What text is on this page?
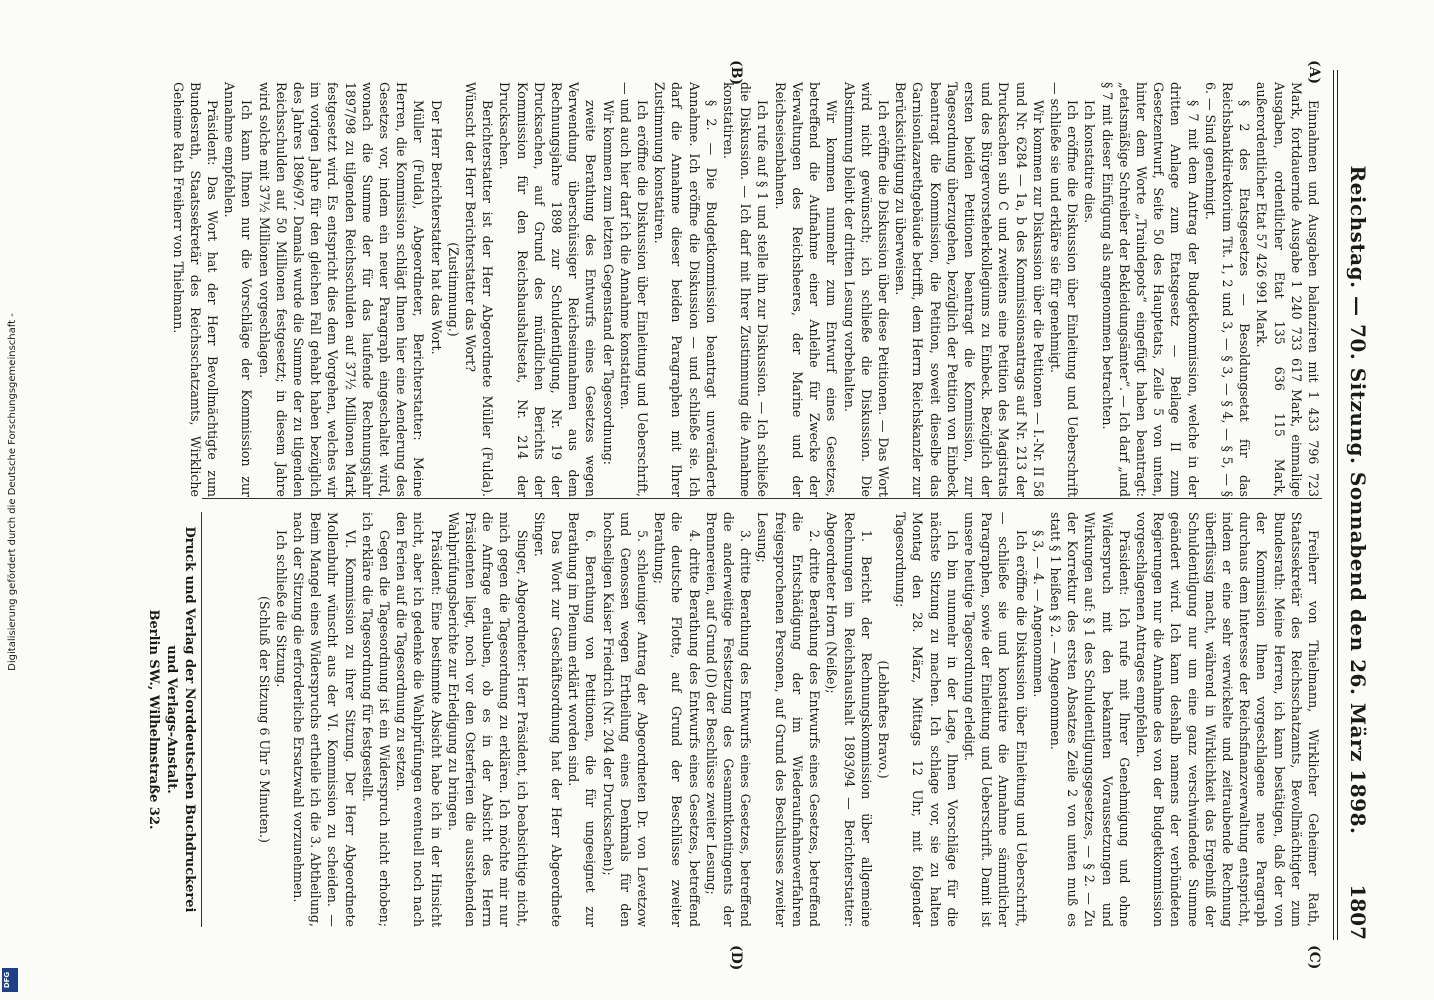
Reichstag. — 70. Sitzung. Sonnabend den 26. März 1898.
1807
(A)
(B)
(C)
(D)

Einnahmen und Ausgaben balanziren mit 1 433 796 723 Mark, fortdauernde Ausgabe 1 240 733 617 Mark, einmalige Ausgaben, ordentlicher Etat 135 636 115 Mark, außerordentlicher Etat 57 426 991 Mark.

§ 2 des Etatsgesetzes — Besoldungsetat für das Reichsbankdirektorium Tit. 1, 2 und 3, — § 3, — § 4, — § 5, — § 6. — Sind genehmigt.

§ 7 mit dem Antrag der Budgetkommission, welche in der dritten Anlage zum Etatsgesetz — Beilage II zum Gesetzentwurf, Seite 50 des Hauptetats, Zeile 5 von unten, hinter dem Worte „Traindepots“ eingefügt haben beantragt: „etatsmäßige Schreiber der Bekleidungsämter“. — Ich darf „und § 7 mit dieser Einfügung als angenommen betrachten.

Ich konstatire dies.

Ich eröffne die Diskussion über Einleitung und Ueberschrift — schließe sie und erkläre sie für genehmigt.

Wir kommen zur Diskussion über die Petitionen — I.-Nr. II 58 und Nr. 6284 — 1a, b des Kommissionsantrags auf Nr. 213 der Drucksachen sub C und zweitens eine Petition des Magistrats und des Bürgervorsteherkollegiums zu Einbeck. Bezüglich der ersten beiden Petitionen beantragt die Kommission, zur Tagesordnung überzugehen, bezüglich der Petition von Einbeck beantragt die Kommission, die Petition, soweit dieselbe das Garnisonlazarethgebäude betrifft, dem Herrn Reichskanzler zur Berücksichtigung zu überweisen.

Ich eröffne die Diskussion über diese Petitionen. — Das Wort wird nicht gewünscht; ich schließe die Diskussion. Die Abstimmung bleibt der dritten Lesung vorbehalten.

Wir kommen nunmehr zum Entwurf eines Gesetzes, betreffend die Aufnahme einer Anleihe für Zwecke der Verwaltungen des Reichsheeres, der Marine und der Reichseisenbahnen.

Ich rufe auf § 1 und stelle ihn zur Diskussion. — Ich schließe die Diskussion. — Ich darf mit Ihrer Zustimmung die Annahme konstatiren.

§ 2. — Die Budgetkommission beantragt unveränderte Annahme. Ich eröffne die Diskussion — und schließe sie. Ich darf die Annahme dieser beiden Paragraphen mit Ihrer Zustimmung konstatiren.

Ich eröffne die Diskussion über Einleitung und Ueberschrift, — und auch hier darf ich die Annahme konstatiren.

Wir kommen zum letzten Gegenstand der Tagesordnung:

zweite Berathung des Entwurfs eines Gesetzes wegen Verwendung überschüssiger Reichseinnahmen aus dem Rechnungsjahre 1898 zur Schuldentilgung, Nr. 19 der Drucksachen, auf Grund des mündlichen Berichts der Kommission für den Reichshaushaltsetat, Nr. 214 der Drucksachen.

Berichterstatter ist der Herr Abgeordnete Müller (Fulda). Wünscht der Herr Berichterstatter das Wort?

(Zustimmung.)

Der Herr Berichterstatter hat das Wort.

Müller (Fulda), Abgeordneter, Berichterstatter: Meine Herren, die Kommission schlägt Ihnen hier eine Aenderung des Gesetzes vor, indem ein neuer Paragraph eingeschaltet wird, wonach die Summe der für das laufende Rechnungsjahr 1897/98 zu tilgenden Reichsschulden auf 37½ Millionen Mark festgesetzt wird. Es entspricht dies dem Vorgehen, welches wir im vorigen Jahre für den gleichen Fall gehabt haben bezüglich des Jahres 1896/97. Damals wurde die Summe der zu tilgenden Reichsschulden auf 50 Millionen festgesetzt; in diesem Jahre wird solche mit 37½ Millionen vorgeschlagen.

Ich kann Ihnen nur die Vorschläge der Kommission zur Annahme empfehlen.

Präsident: Das Wort hat der Herr Bevollmächtigte zum Bundesrath, Staatssekretär des Reichsschatzamts, Wirkliche Geheime Rath Freiherr von Thielmann.

Freiherr von Thielmann, Wirklicher Geheimer Rath, Staatssekretär des Reichsschatzamts, Bevollmächtigter zum Bundesrath: Meine Herren, ich kann bestätigen, daß der von der Kommission Ihnen vorgeschlagene neue Paragraph durchaus dem Interesse der Reichsfinanzverwaltung entspricht, indem er eine sehr verwickelte und zeitraubende Rechnung überflüssig macht, während in Wirklichkeit das Ergebniß der Schuldentilgung nur um eine ganz verschwindende Summe geändert wird. Ich kann deshalb namens der verbündeten Regierungen nur die Annahme des von der Budgetkommission vorgeschlagenen Antrages empfehlen.

Präsident: Ich rufe mit Ihrer Genehmigung und ohne Widerspruch mit den bekannten Voraussetzungen und Wirkungen auf: § 1 des Schuldentilgungsgesetzes, — § 2. — Zu der Korrektur des ersten Absatzes Zeile 2 von unten muß es statt § 1 heißen § 2. — Angenommen.

§ 3, — 4. — Angenommen.

Ich eröffne die Diskussion über Einleitung und Ueberschrift, — schließe sie und konstatire die Annahme sämmtlicher Paragraphen, sowie der Einleitung und Ueberschrift. Damit ist unsere heutige Tagesordnung erledigt.

Ich bin nunmehr in der Lage, Ihnen Vorschläge für die nächste Sitzung zu machen. Ich schlage vor, sie zu halten Montag den 28. März, Mittags 12 Uhr, mit folgender Tagesordnung:

(Lebhaftes Bravo.)

1. Bericht der Rechnungskommission über allgemeine Rechnungen im Reichshaushalt 1893/94 — Berichterstatter: Abgeordneter Horn (Neiße);

2. dritte Berathung des Entwurfs eines Gesetzes, betreffend die Entschädigung der im Wiederaufnahmeverfahren freigesprochenen Personen, auf Grund des Beschlusses zweiter Lesung;

3. dritte Berathung des Entwurfs eines Gesetzes, betreffend die anderweitige Festsetzung des Gesammtkontingents der Brennereien, auf Grund (D) der Beschlüsse zweiter Lesung;

4. dritte Berathung des Entwurfs eines Gesetzes, betreffend die deutsche Flotte, auf Grund der Beschlüsse zweiter Berathung;

5. schleuniger Antrag der Abgeordneten Dr. von Levetzow und Genossen wegen Ertheilung eines Denkmals für den hochseligen Kaiser Friedrich (Nr. 204 der Drucksachen);

6. Berathung von Petitionen, die für ungeeignet zur Berathung im Plenum erklärt worden sind.

Das Wort zur Geschäftsordnung hat der Herr Abgeordnete Singer.

Singer, Abgeordneter: Herr Präsident, ich beabsichtige nicht, mich gegen die Tagesordnung zu erklären. Ich möchte mir nur die Anfrage erlauben, ob es in der Absicht des Herrn Präsidenten liegt, noch vor den Osterferien die ausstehenden Wahlprüfungsberichte zur Erledigung zu bringen.

Präsident: Eine bestimmte Absicht habe ich in der Hinsicht nicht, aber ich gedenke die Wahlprüfungen eventuell noch nach den Ferien auf die Tagesordnung zu setzen.

Gegen die Tagesordnung ist ein Widerspruch nicht erhoben; ich erkläre die Tagesordnung für festgestellt.

VI. Kommission zu ihrer Sitzung. Der Herr Abgeordnete Mollenbuhr wünscht aus der VI. Kommission zu scheiden. — Beim Mangel eines Widerspruchs ertheile ich die 3. Abtheilung, nach der Sitzung die erforderliche Ersatzwahl vorzunehmen.

Ich schließe die Sitzung.

(Schluß der Sitzung 6 Uhr 5 Minuten.)

Druck und Verlag der Norddeutschen Buchdruckerei und Verlags-Anstalt.
Berlin SW., Wilhelmstraße 32.
Digitalisierung gefördert durch die Deutsche Forschungsgemeinschaft -
DFG
